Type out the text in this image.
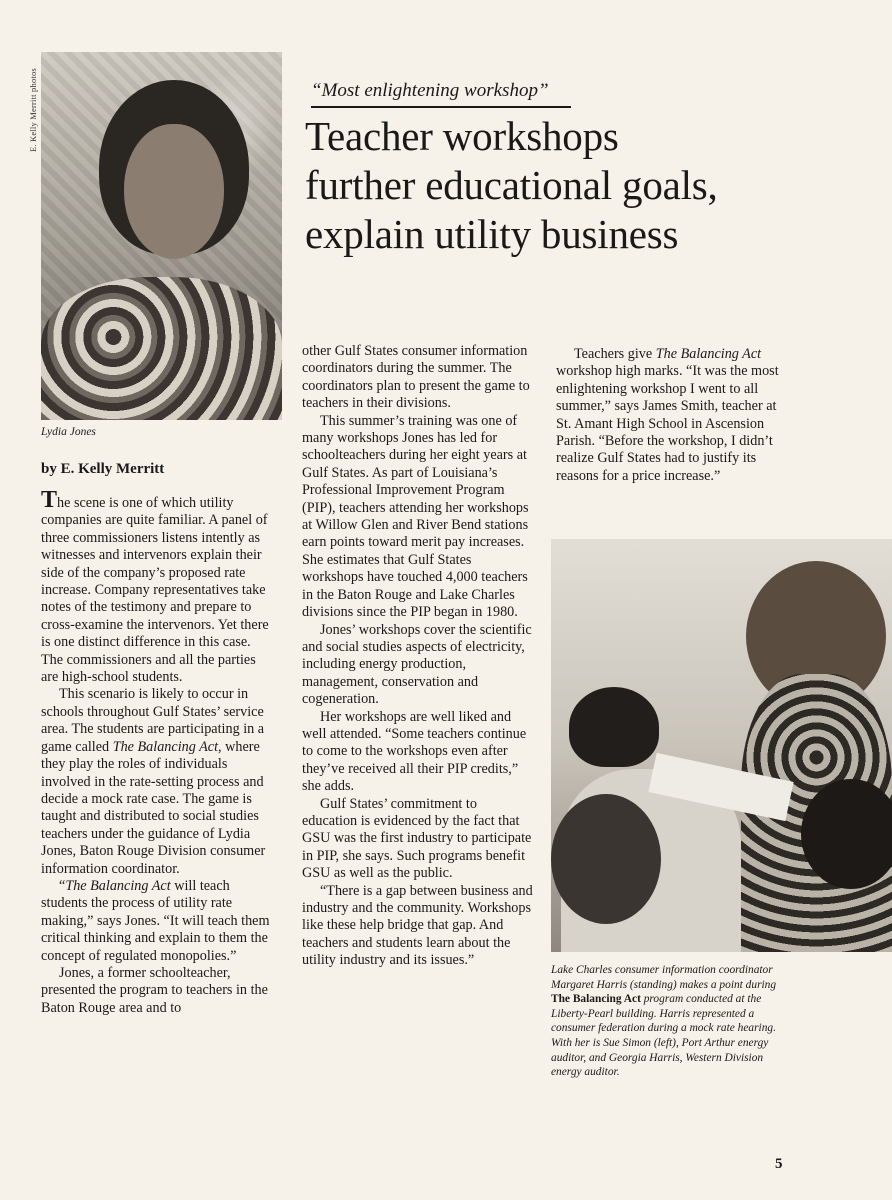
E. Kelly Merritt photos
Lydia Jones
“Most enlightening workshop”
Teacher workshops
further educational goals,
explain utility business
by E. Kelly Merritt

The scene is one of which utility companies are quite familiar. A panel of three commissioners listens intently as witnesses and intervenors explain their side of the company’s proposed rate increase. Company representatives take notes of the testimony and prepare to cross-examine the intervenors. Yet there is one distinct difference in this case. The commissioners and all the parties are high-school students.

This scenario is likely to occur in schools throughout Gulf States’ service area. The students are participating in a game called The Balancing Act, where they play the roles of individuals involved in the rate-setting process and decide a mock rate case. The game is taught and distributed to social studies teachers under the guidance of Lydia Jones, Baton Rouge Division consumer information coordinator.

“The Balancing Act will teach students the process of utility rate making,” says Jones. “It will teach them critical thinking and explain to them the concept of regulated monopolies.”

Jones, a former schoolteacher, presented the program to teachers in the Baton Rouge area and to

other Gulf States consumer information coordinators during the summer. The coordinators plan to present the game to teachers in their divisions.

This summer’s training was one of many workshops Jones has led for schoolteachers during her eight years at Gulf States. As part of Louisiana’s Professional Improvement Program (PIP), teachers attending her workshops at Willow Glen and River Bend stations earn points toward merit pay increases. She estimates that Gulf States workshops have touched 4,000 teachers in the Baton Rouge and Lake Charles divisions since the PIP began in 1980.

Jones’ workshops cover the scientific and social studies aspects of electricity, including energy production, management, conservation and cogeneration.

Her workshops are well liked and well attended. “Some teachers continue to come to the workshops even after they’ve received all their PIP credits,” she adds.

Gulf States’ commitment to education is evidenced by the fact that GSU was the first industry to participate in PIP, she says. Such programs benefit GSU as well as the public.

“There is a gap between business and industry and the community. Workshops like these help bridge that gap. And teachers and students learn about the utility industry and its issues.”

Teachers give The Balancing Act workshop high marks. “It was the most enlightening workshop I went to all summer,” says James Smith, teacher at St. Amant High School in Ascension Parish. “Before the workshop, I didn’t realize Gulf States had to justify its reasons for a price increase.”

Lake Charles consumer information coordinator Margaret Harris (standing) makes a point during The Balancing Act program conducted at the Liberty-Pearl building. Harris represented a consumer federation during a mock rate hearing. With her is Sue Simon (left), Port Arthur energy auditor, and Georgia Harris, Western Division energy auditor.
5
